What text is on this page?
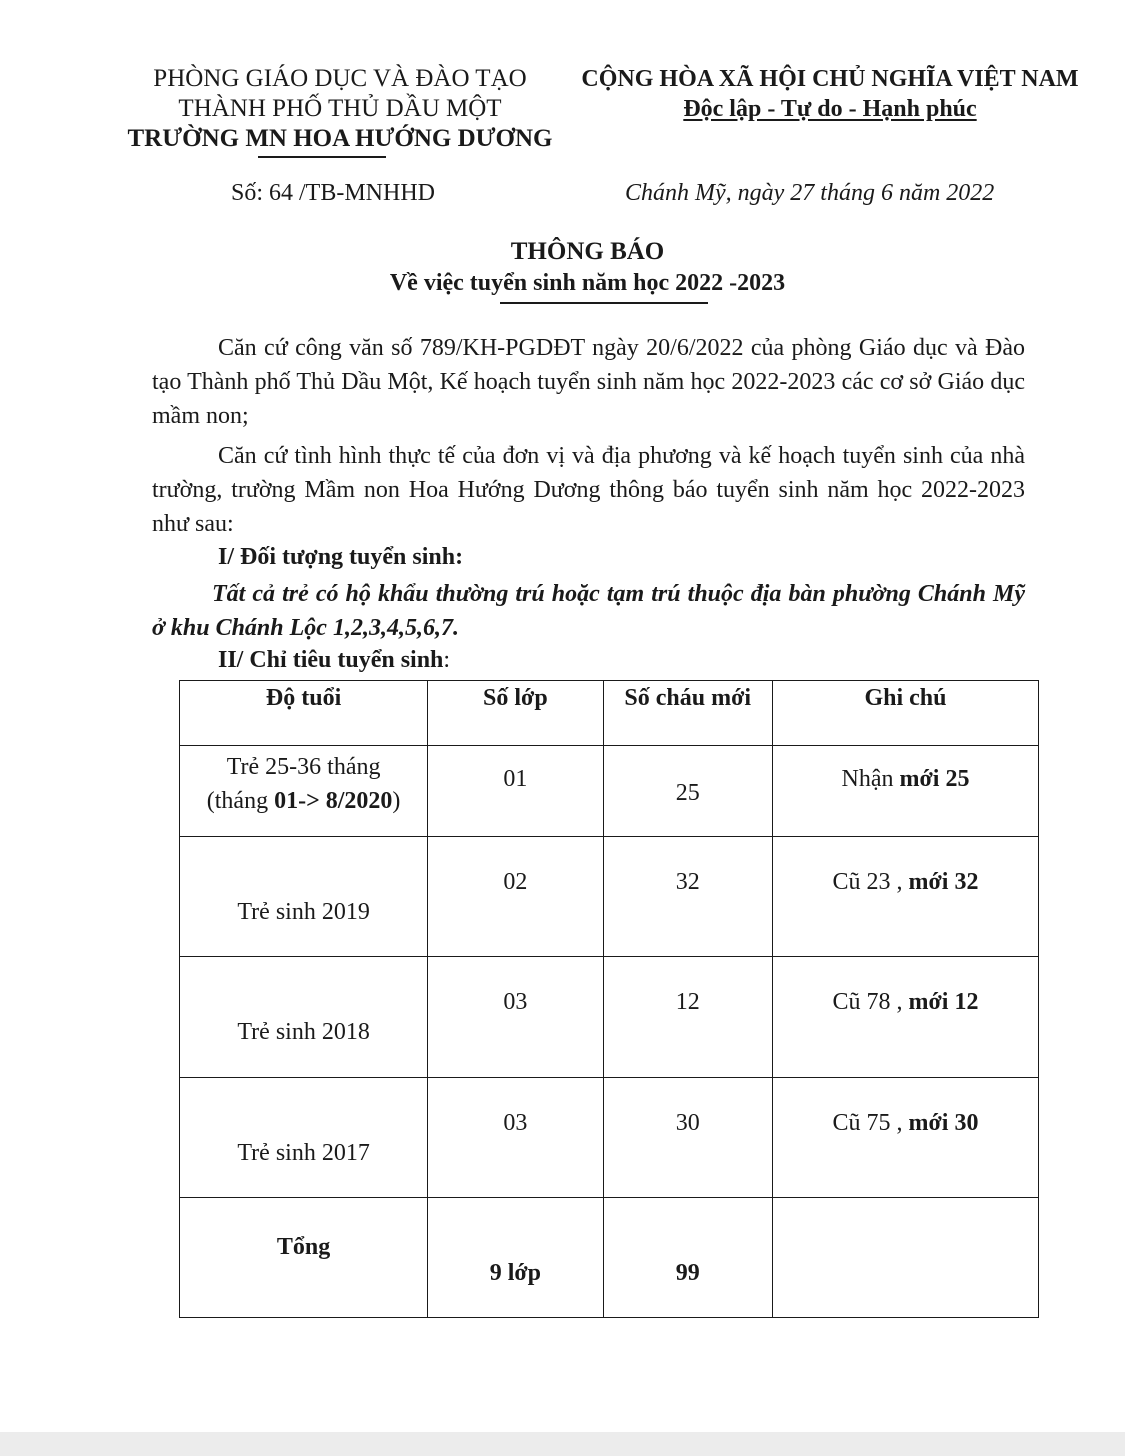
PHÒNG GIÁO DỤC VÀ ĐÀO TẠO
THÀNH PHỐ THỦ DẦU MỘT
TRƯỜNG MN HOA HƯỚNG DƯƠNG
CỘNG HÒA XÃ HỘI CHỦ NGHĨA VIỆT NAM
Độc lập - Tự do - Hạnh phúc
Số: 64 /TB-MNHHD	Chánh Mỹ, ngày 27 tháng 6 năm 2022
THÔNG BÁO
Về việc tuyển sinh năm học 2022 -2023
Căn cứ công văn số 789/KH-PGDĐT ngày 20/6/2022 của phòng Giáo dục và Đào tạo Thành phố Thủ Dầu Một, Kế hoạch tuyển sinh năm học 2022-2023 các cơ sở Giáo dục mầm non;
Căn cứ tình hình thực tế của đơn vị và địa phương và kế hoạch tuyển sinh của nhà trường, trường Mầm non Hoa Hướng Dương thông báo tuyển sinh năm học 2022-2023 như sau:
I/ Đối tượng tuyển sinh:
Tất cả trẻ có hộ khẩu thường trú hoặc tạm trú thuộc địa bàn phường Chánh Mỹ ở khu Chánh Lộc 1,2,3,4,5,6,7.
II/ Chỉ tiêu tuyển sinh:
Độ tuổi	Số lớp	Số cháu mới	Ghi chú

Trẻ 25-36 tháng
(tháng 01-> 8/2020)	01	25	Nhận mới 25

Trẻ sinh 2019	02	32	Cũ 23 , mới 32

Trẻ sinh 2018	03	12	Cũ 78 , mới 12

Trẻ sinh 2017	03	30	Cũ 75 , mới 30

Tổng	9 lớp	99	
